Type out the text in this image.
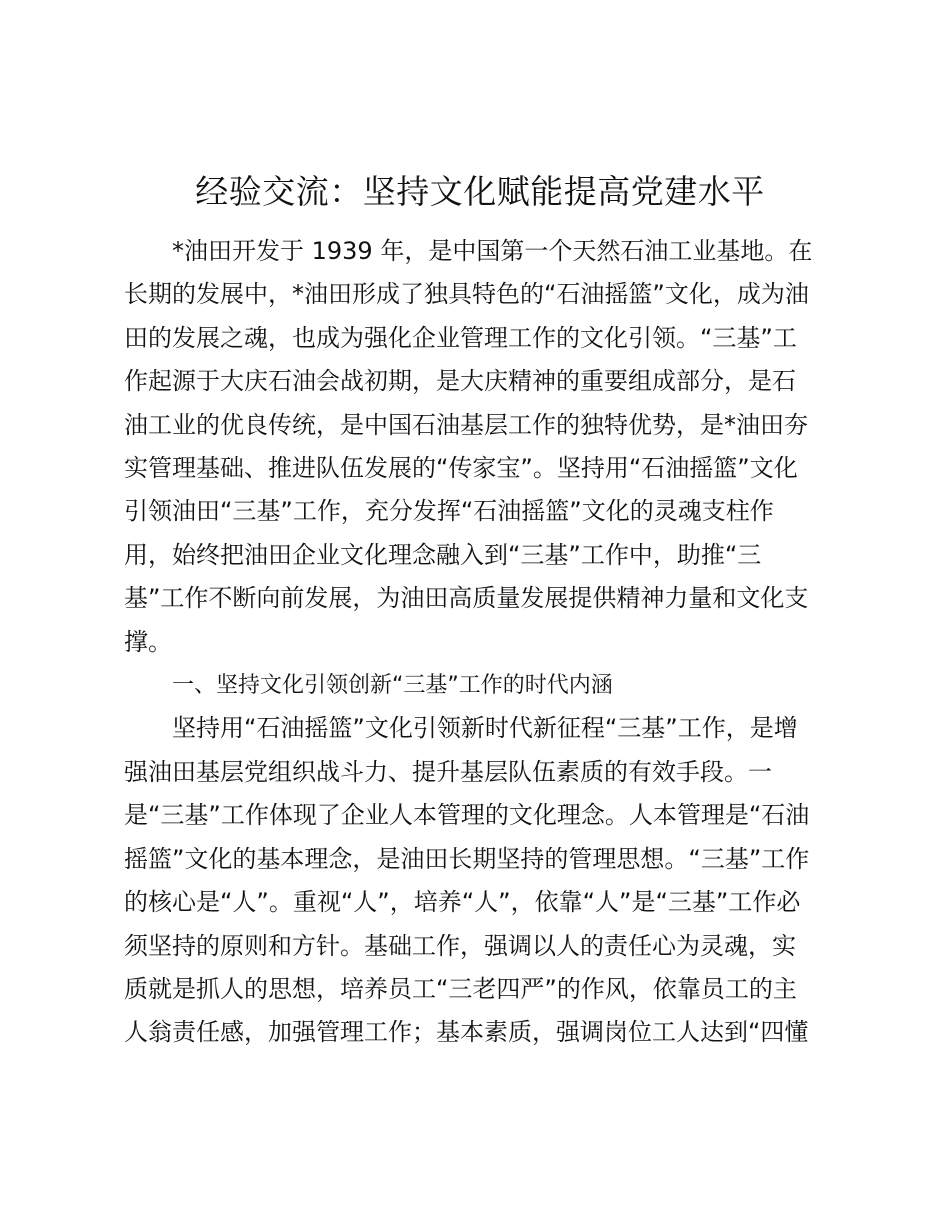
经验交流：坚持文化赋能提高党建水平

*油田开发于 1939 年，是中国第一个天然石油工业基地。在

长期的发展中，*油田形成了独具特色的“石油摇篮”文化，成为油

田的发展之魂，也成为强化企业管理工作的文化引领。“三基”工

作起源于大庆石油会战初期，是大庆精神的重要组成部分，是石

油工业的优良传统，是中国石油基层工作的独特优势，是*油田夯

实管理基础、推进队伍发展的“传家宝”。坚持用“石油摇篮”文化

引领油田“三基”工作，充分发挥“石油摇篮”文化的灵魂支柱作

用，始终把油田企业文化理念融入到“三基”工作中，助推“三

基”工作不断向前发展，为油田高质量发展提供精神力量和文化支

撑。

一、坚持文化引领创新“三基”工作的时代内涵

坚持用“石油摇篮”文化引领新时代新征程“三基”工作，是增

强油田基层党组织战斗力、提升基层队伍素质的有效手段。一

是“三基”工作体现了企业人本管理的文化理念。人本管理是“石油

摇篮”文化的基本理念，是油田长期坚持的管理思想。“三基”工作

的核心是“人”。重视“人”，培养“人”，依靠“人”是“三基”工作必

须坚持的原则和方针。基础工作，强调以人的责任心为灵魂，实

质就是抓人的思想，培养员工“三老四严”的作风，依靠员工的主

人翁责任感，加强管理工作；基本素质，强调岗位工人达到“四懂
